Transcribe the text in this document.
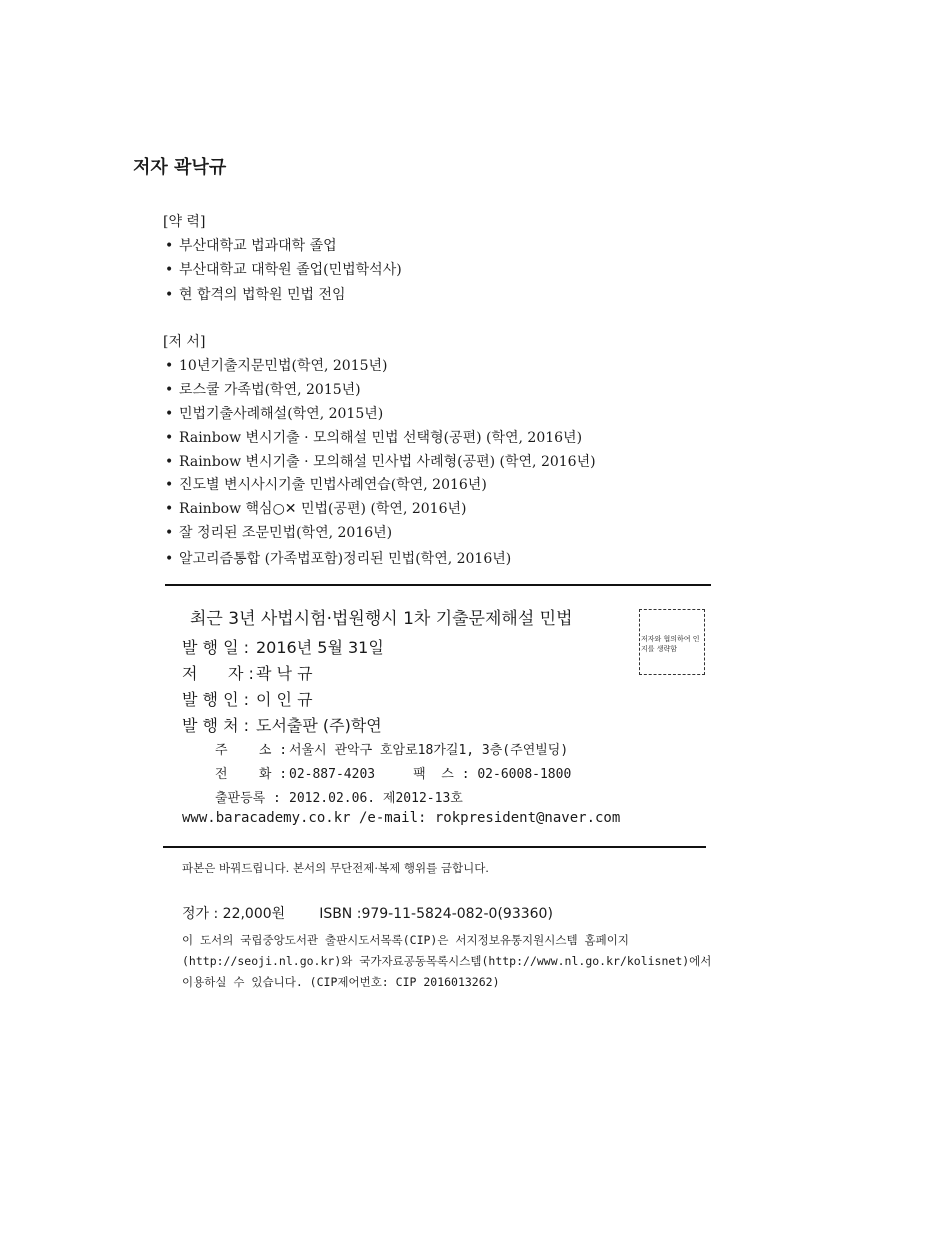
저자 곽낙규
[약 력]
• 부산대학교 법과대학 졸업
• 부산대학교 대학원 졸업(민법학석사)
• 현 합격의 법학원 민법 전임
[저 서]
• 10년기출지문민법(학연, 2015년)
• 로스쿨 가족법(학연, 2015년)
• 민법기출사례해설(학연, 2015년)
• Rainbow 변시기출 · 모의해설 민법 선택형(공편) (학연, 2016년)
• Rainbow 변시기출 · 모의해설 민사법 사례형(공편) (학연, 2016년)
• 진도별 변시사시기출 민법사례연습(학연, 2016년)
• Rainbow 핵심○✕ 민법(공편) (학연, 2016년)
• 잘 정리된 조문민법(학연, 2016년)
• 알고리즘통합 (가족법포함)정리된 민법(학연, 2016년)
최근 3년 사법시험·법원행시 1차 기출문제해설 민법
저자와 협의하여 인지를 생략함
발 행 일 : 2016년 5월 31일
저      자 : 곽 낙 규
발 행 인 : 이 인 규
발 행 처 : 도서출판 (주)학연
주    소 : 서울시 관악구 호암로18가길1, 3층(주연빌딩)
전    화 : 02-887-4203	팩  스 : 02-6008-1800
출판등록 : 2012.02.06. 제2012-13호
www.baracademy.co.kr /e-mail: rokpresident@naver.com
파본은 바꿔드립니다. 본서의 무단전제·복제 행위를 금합니다.
정가 : 22,000원 ISBN :979-11-5824-082-0(93360)
이 도서의 국립중앙도서관 출판시도서목록(CIP)은 서지정보유통지원시스템 홈페이지
(http://seoji.nl.go.kr)와 국가자료공동목록시스템(http://www.nl.go.kr/kolisnet)에서
이용하실 수 있습니다. (CIP제어번호: CIP 2016013262)
